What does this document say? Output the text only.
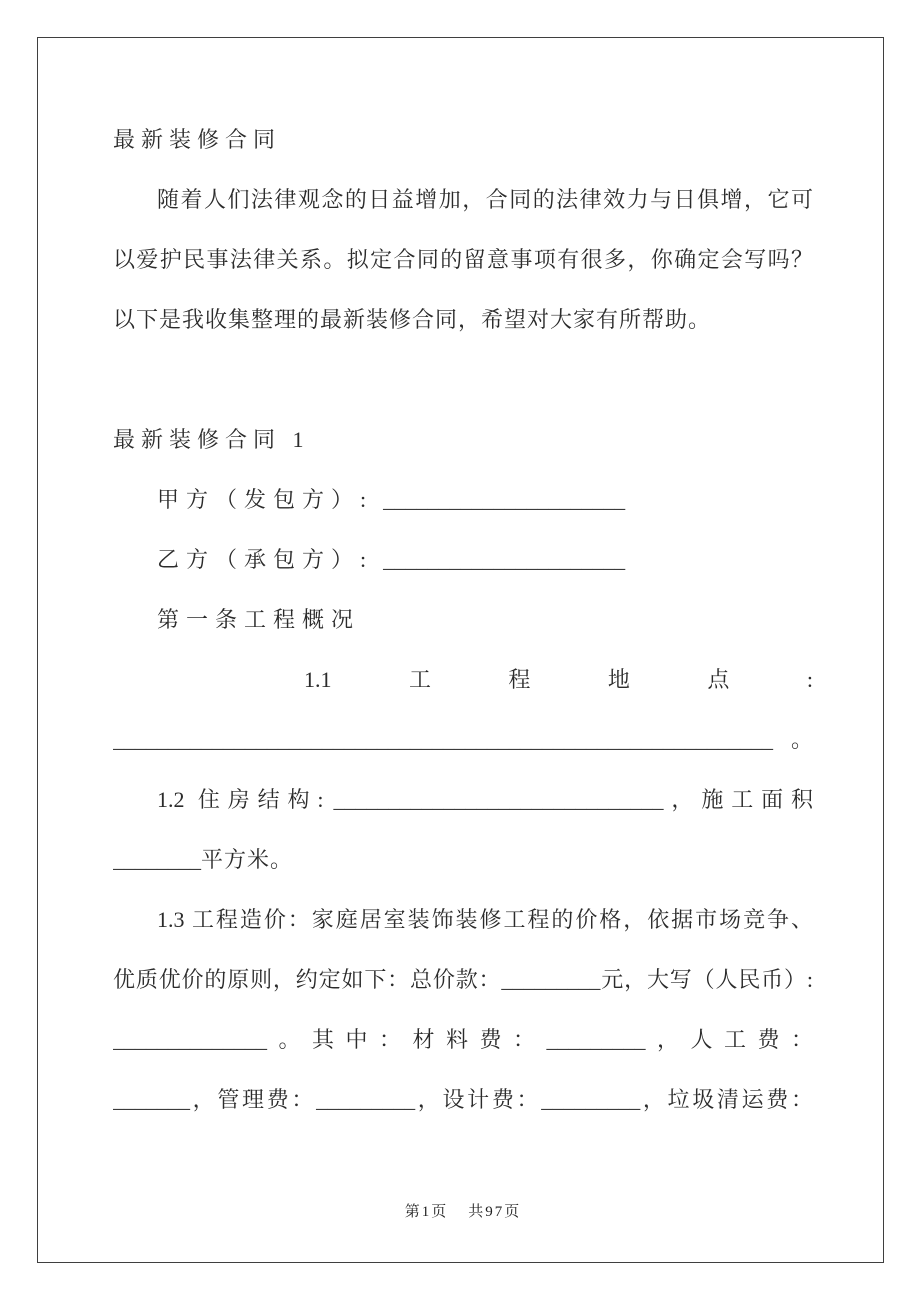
最新装修合同
随着人们法律观念的日益增加，合同的法律效力与日俱增，它可
以爱护民事法律关系。拟定合同的留意事项有很多，你确定会写吗？
以下是我收集整理的最新装修合同，希望对大家有所帮助。
最新装修合同 1
甲方（发包方）: ______________________
乙方（承包方）: ______________________
第一条工程概况
1.1	工	程	地	点	:
____________________________________________________________。
1.2 住房结构: ______________________________，施工面积
________平方米。
1.3 工程造价：家庭居室装饰装修工程的价格，依据市场竞争、
优质优价的原则，约定如下：总价款：_________元，大写（人民币）:
______________。其中：材料费：_________，人工费：
_______，管理费：_________，设计费：_________，垃圾清运费：
第1页 共97页
